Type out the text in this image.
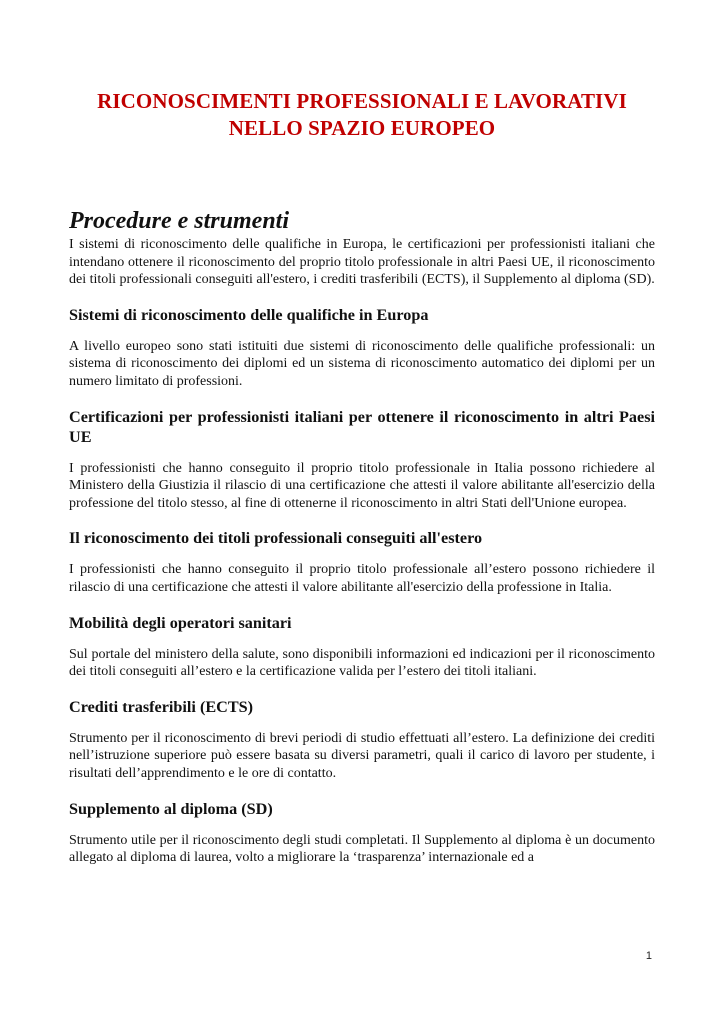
RICONOSCIMENTI PROFESSIONALI E LAVORATIVI
NELLO SPAZIO EUROPEO
Procedure e strumenti

I sistemi di riconoscimento delle qualifiche in Europa, le certificazioni per professionisti italiani che intendano ottenere il riconoscimento del proprio titolo professionale in altri Paesi UE, il riconoscimento dei titoli professionali conseguiti all'estero, i crediti trasferibili (ECTS), il Supplemento al diploma (SD).

Sistemi di riconoscimento delle qualifiche in Europa

A livello europeo sono stati istituiti due sistemi di riconoscimento delle qualifiche professionali: un sistema di riconoscimento dei diplomi ed un sistema di riconoscimento automatico dei diplomi per un numero limitato di professioni.

Certificazioni per professionisti italiani per ottenere il riconoscimento in altri Paesi UE

I professionisti che hanno conseguito il proprio titolo professionale in Italia possono richiedere al Ministero della Giustizia il rilascio di una certificazione che attesti il valore abilitante all'esercizio della professione del titolo stesso, al fine di ottenerne il riconoscimento in altri Stati dell'Unione europea.

Il riconoscimento dei titoli professionali conseguiti all'estero

I professionisti che hanno conseguito il proprio titolo professionale all’estero possono richiedere il rilascio di una certificazione che attesti il valore abilitante all'esercizio della professione in Italia.

Mobilità degli operatori sanitari

Sul portale del ministero della salute, sono disponibili informazioni ed indicazioni per il riconoscimento dei titoli conseguiti all’estero e la certificazione valida per l’estero dei titoli italiani.

Crediti trasferibili (ECTS)

Strumento per il riconoscimento di brevi periodi di studio effettuati all’estero. La definizione dei crediti nell’istruzione superiore può essere basata su diversi parametri, quali il carico di lavoro per studente, i risultati dell’apprendimento e le ore di contatto.

Supplemento al diploma (SD)

Strumento utile per il riconoscimento degli studi completati. Il Supplemento al diploma è un documento allegato al diploma di laurea, volto a migliorare la ‘trasparenza’ internazionale ed a

1
